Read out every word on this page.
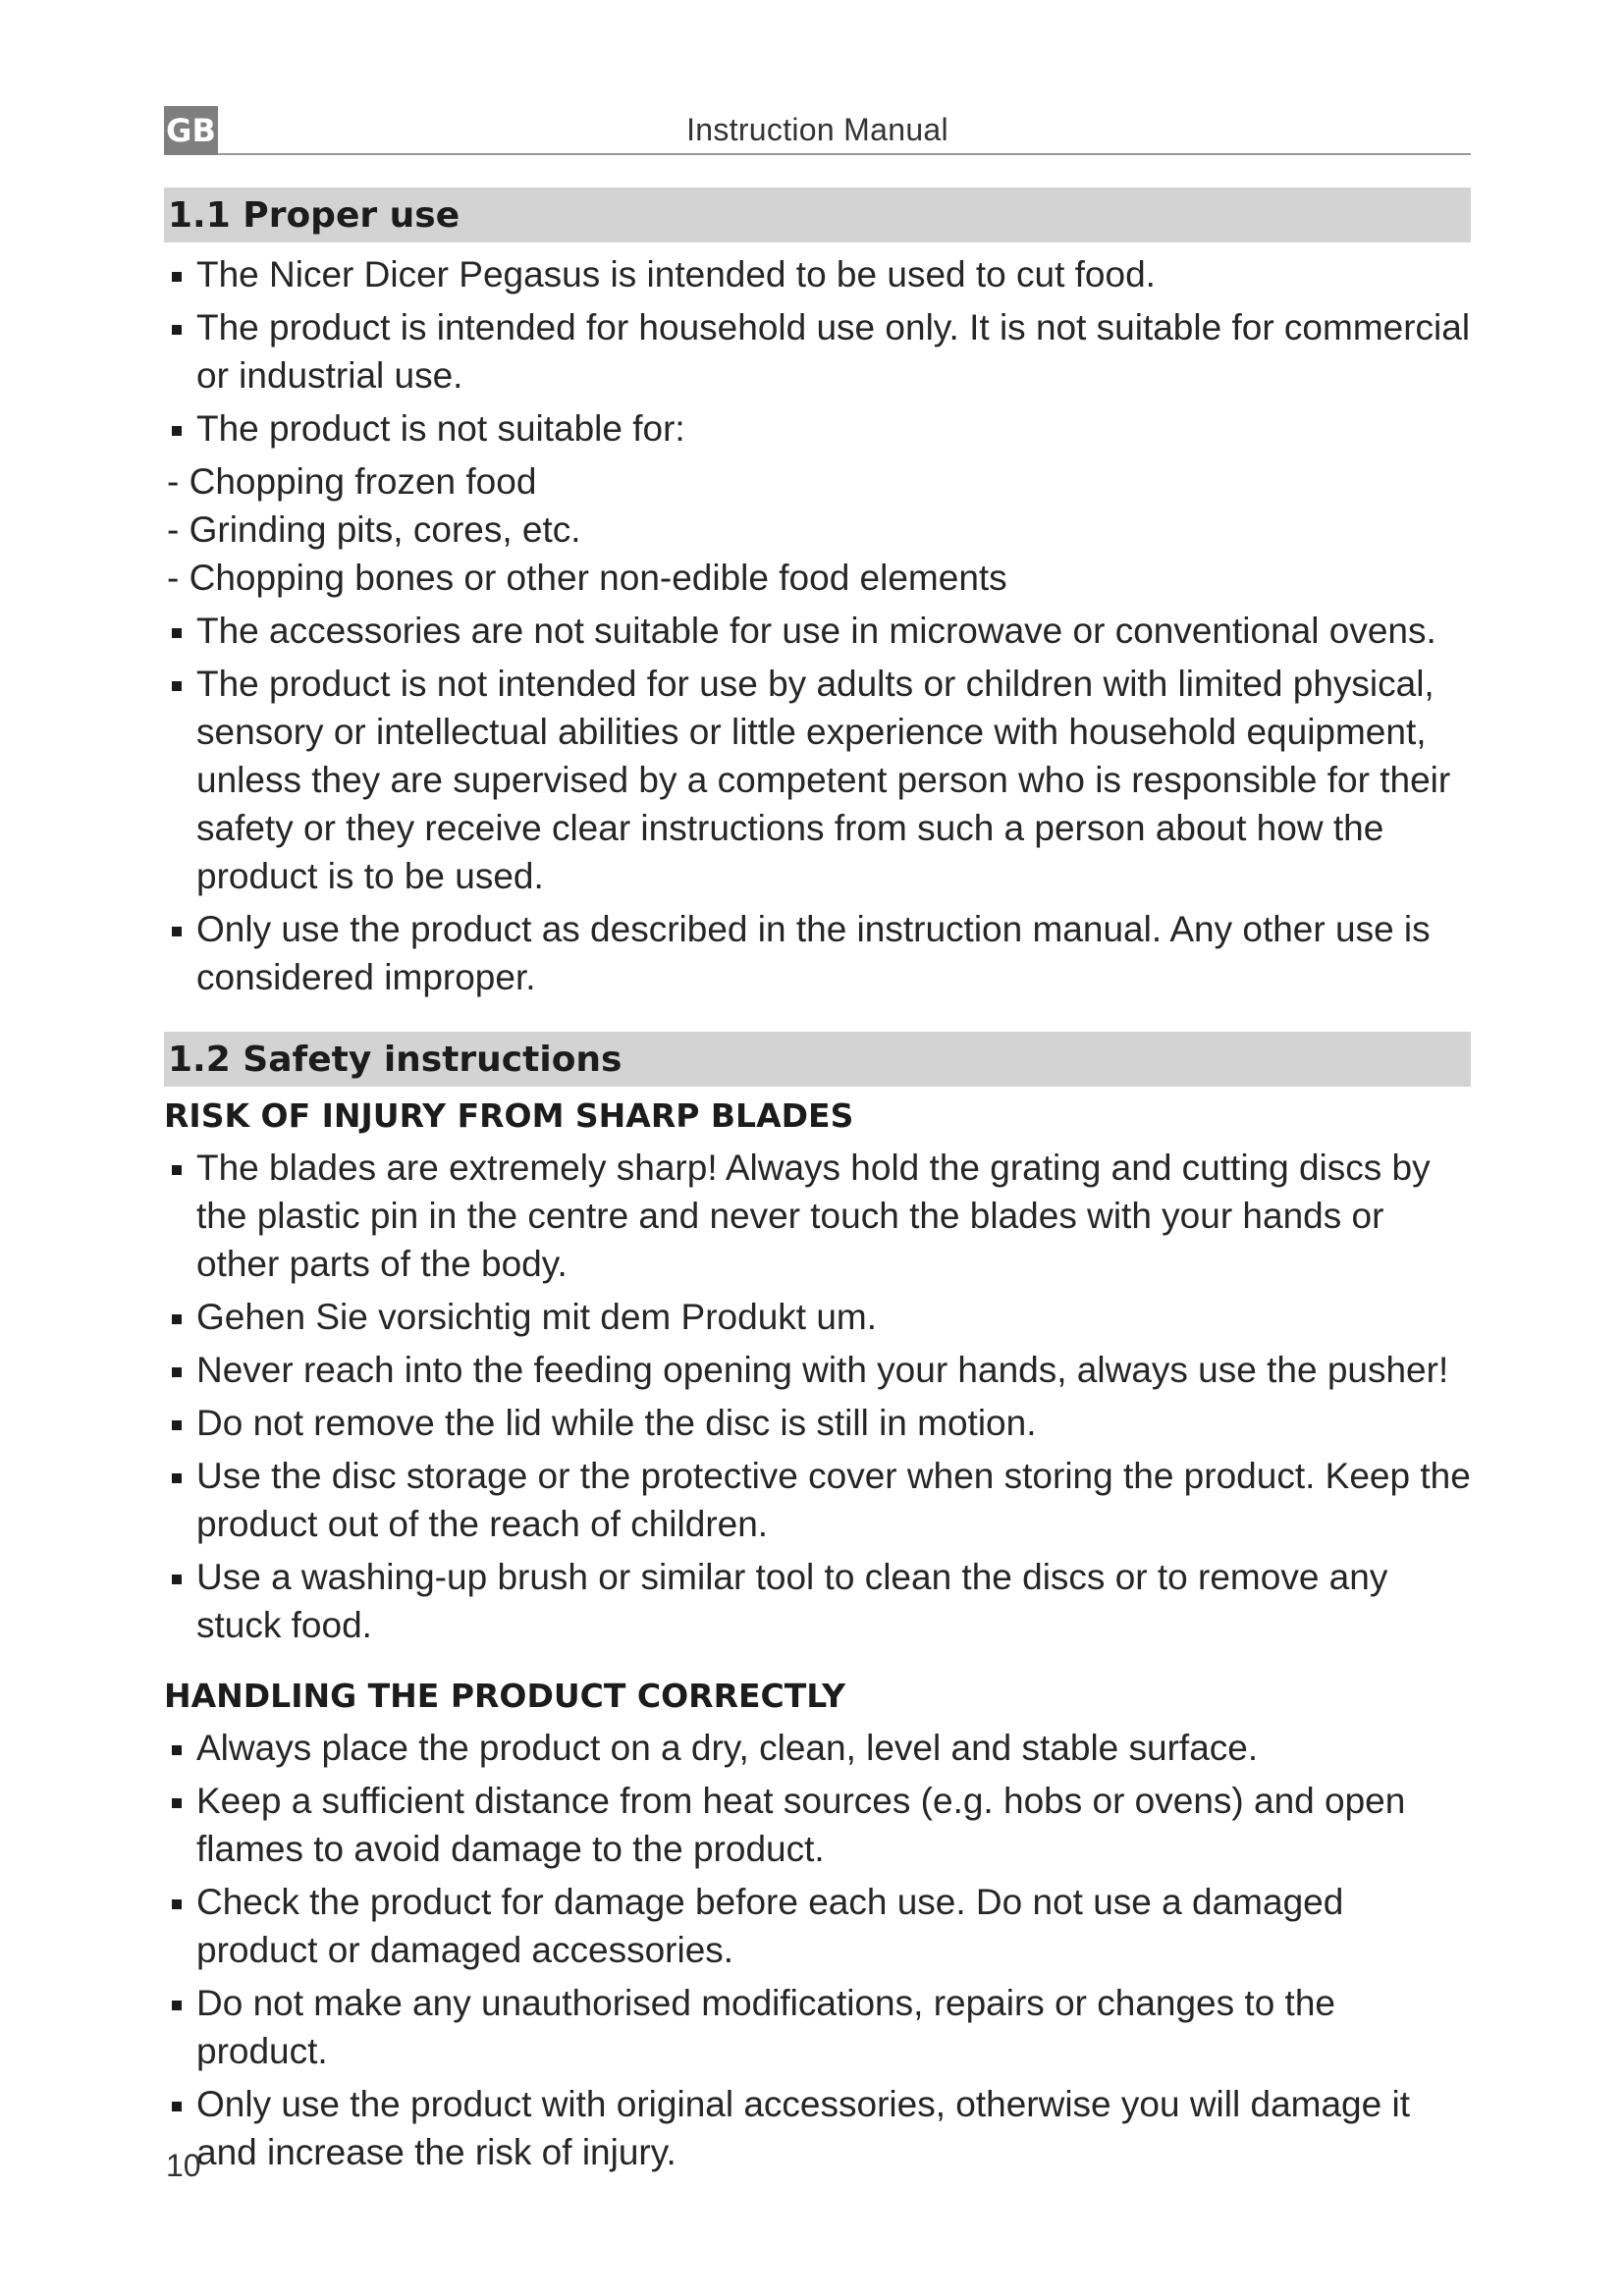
Instruction Manual
GB
1.1 Proper use
The Nicer Dicer Pegasus is intended to be used to cut food.
The product is intended for household use only. It is not suitable for commercial or industrial use.
The product is not suitable for:
- Chopping frozen food
- Grinding pits, cores, etc.
- Chopping bones or other non-edible food elements
The accessories are not suitable for use in microwave or conventional ovens.
The product is not intended for use by adults or children with limited physical, sensory or intellectual abilities or little experience with household equipment, unless they are supervised by a competent person who is responsible for their safety or they receive clear instructions from such a person about how the product is to be used.
Only use the product as described in the instruction manual. Any other use is considered improper.
1.2 Safety instructions
RISK OF INJURY FROM SHARP BLADES
The blades are extremely sharp! Always hold the grating and cutting discs by the plastic pin in the centre and never touch the blades with your hands or other parts of the body.
Gehen Sie vorsichtig mit dem Produkt um.
Never reach into the feeding opening with your hands, always use the pusher!
Do not remove the lid while the disc is still in motion.
Use the disc storage or the protective cover when storing the product. Keep the product out of the reach of children.
Use a washing-up brush or similar tool to clean the discs or to remove any stuck food.
HANDLING THE PRODUCT CORRECTLY
Always place the product on a dry, clean, level and stable surface.
Keep a sufficient distance from heat sources (e.g. hobs or ovens) and open flames to avoid damage to the product.
Check the product for damage before each use. Do not use a damaged product or damaged accessories.
Do not make any unauthorised modifications, repairs or changes to the product.
Only use the product with original accessories, otherwise you will damage it and increase the risk of injury.
10
